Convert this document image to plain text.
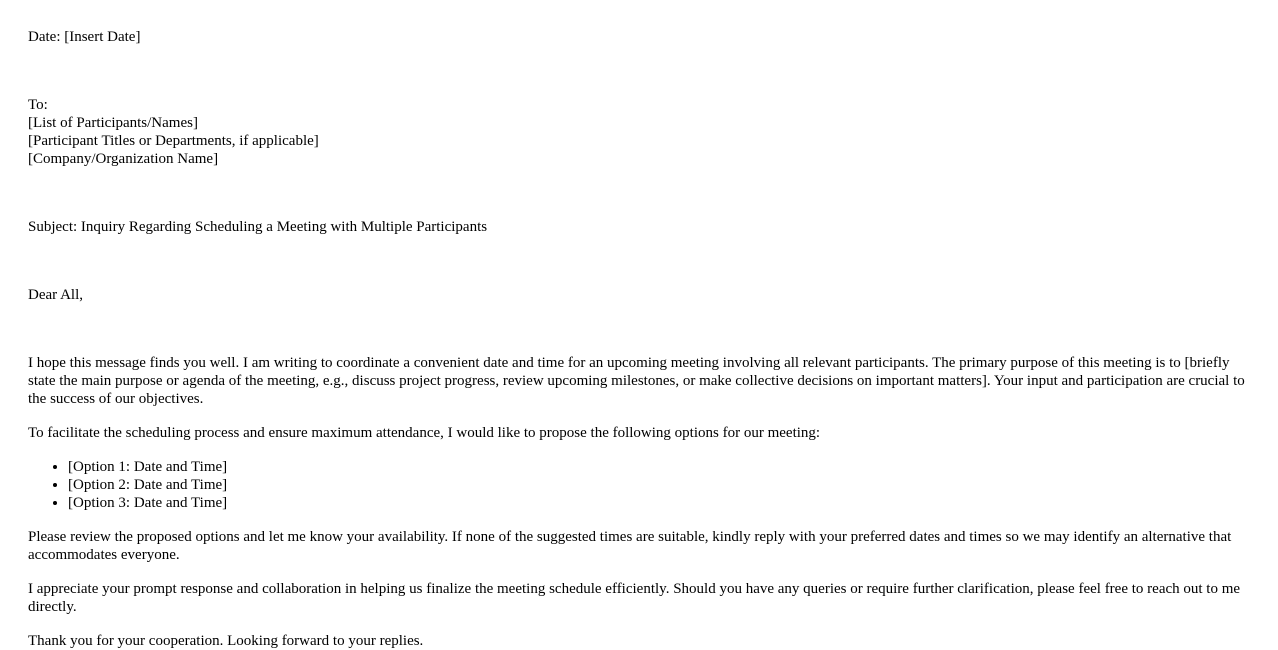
Date: [Insert Date]
To:
[List of Participants/Names]
[Participant Titles or Departments, if applicable]
[Company/Organization Name]
Subject: Inquiry Regarding Scheduling a Meeting with Multiple Participants
Dear All,

I hope this message finds you well. I am writing to coordinate a convenient date and time for an upcoming meeting involving all relevant participants. The primary purpose of this meeting is to [briefly state the main purpose or agenda of the meeting, e.g., discuss project progress, review upcoming milestones, or make collective decisions on important matters]. Your input and participation are crucial to the success of our objectives.

To facilitate the scheduling process and ensure maximum attendance, I would like to propose the following options for our meeting:

• [Option 1: Date and Time]
• [Option 2: Date and Time]
• [Option 3: Date and Time]

Please review the proposed options and let me know your availability. If none of the suggested times are suitable, kindly reply with your preferred dates and times so we may identify an alternative that accommodates everyone.

I appreciate your prompt response and collaboration in helping us finalize the meeting schedule efficiently. Should you have any queries or require further clarification, please feel free to reach out to me directly.

Thank you for your cooperation. Looking forward to your replies.
